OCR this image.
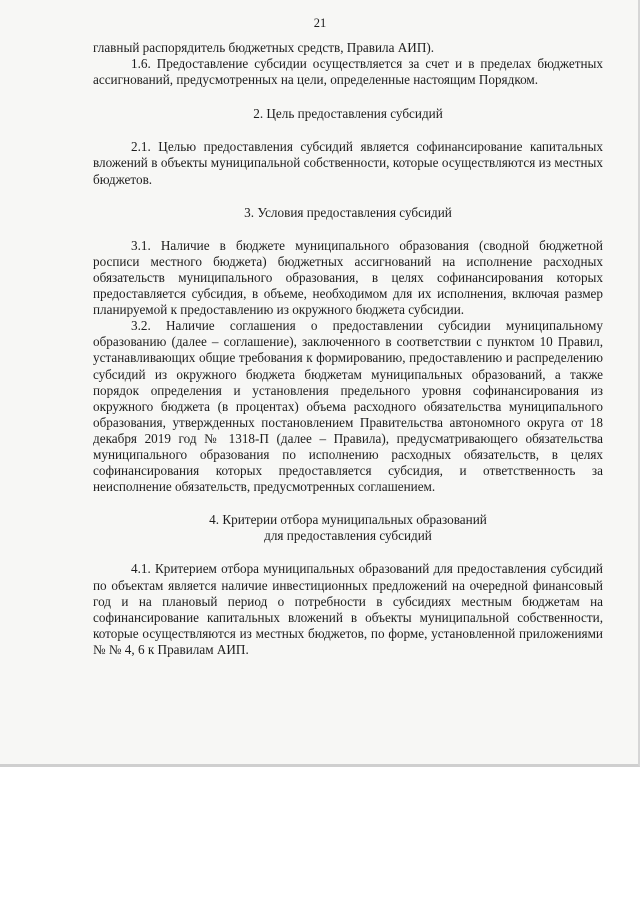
21

главный распорядитель бюджетных средств, Правила АИП).

1.6. Предоставление субсидии осуществляется за счет и в пределах бюджетных ассигнований, предусмотренных на цели, определенные настоящим Порядком.

2. Цель предоставления субсидий

2.1. Целью предоставления субсидий является софинансирование капитальных вложений в объекты муниципальной собственности, которые осуществляются из местных бюджетов.

3. Условия предоставления субсидий

3.1. Наличие в бюджете муниципального образования (сводной бюджетной росписи местного бюджета) бюджетных ассигнований на исполнение расходных обязательств муниципального образования, в целях софинансирования которых предоставляется субсидия, в объеме, необходимом для их исполнения, включая размер планируемой к предоставлению из окружного бюджета субсидии.

3.2. Наличие соглашения о предоставлении субсидии муниципальному образованию (далее – соглашение), заключенного в соответствии с пунктом 10 Правил, устанавливающих общие требования к формированию, предоставлению и распределению субсидий из окружного бюджета бюджетам муниципальных образований, а также порядок определения и установления предельного уровня софинансирования из окружного бюджета (в процентах) объема расходного обязательства муниципального образования, утвержденных постановлением Правительства автономного округа от 18 декабря 2019 год № 1318-П (далее – Правила), предусматривающего обязательства муниципального образования по исполнению расходных обязательств, в целях софинансирования которых предоставляется субсидия, и ответственность за неисполнение обязательств, предусмотренных соглашением.

4. Критерии отбора муниципальных образований

для предоставления субсидий

4.1. Критерием отбора муниципальных образований для предоставления субсидий по объектам является наличие инвестиционных предложений на очередной финансовый год и на плановый период о потребности в субсидиях местным бюджетам на софинансирование капитальных вложений в объекты муниципальной собственности, которые осуществляются из местных бюджетов, по форме, установленной приложениями № № 4, 6 к Правилам АИП.
